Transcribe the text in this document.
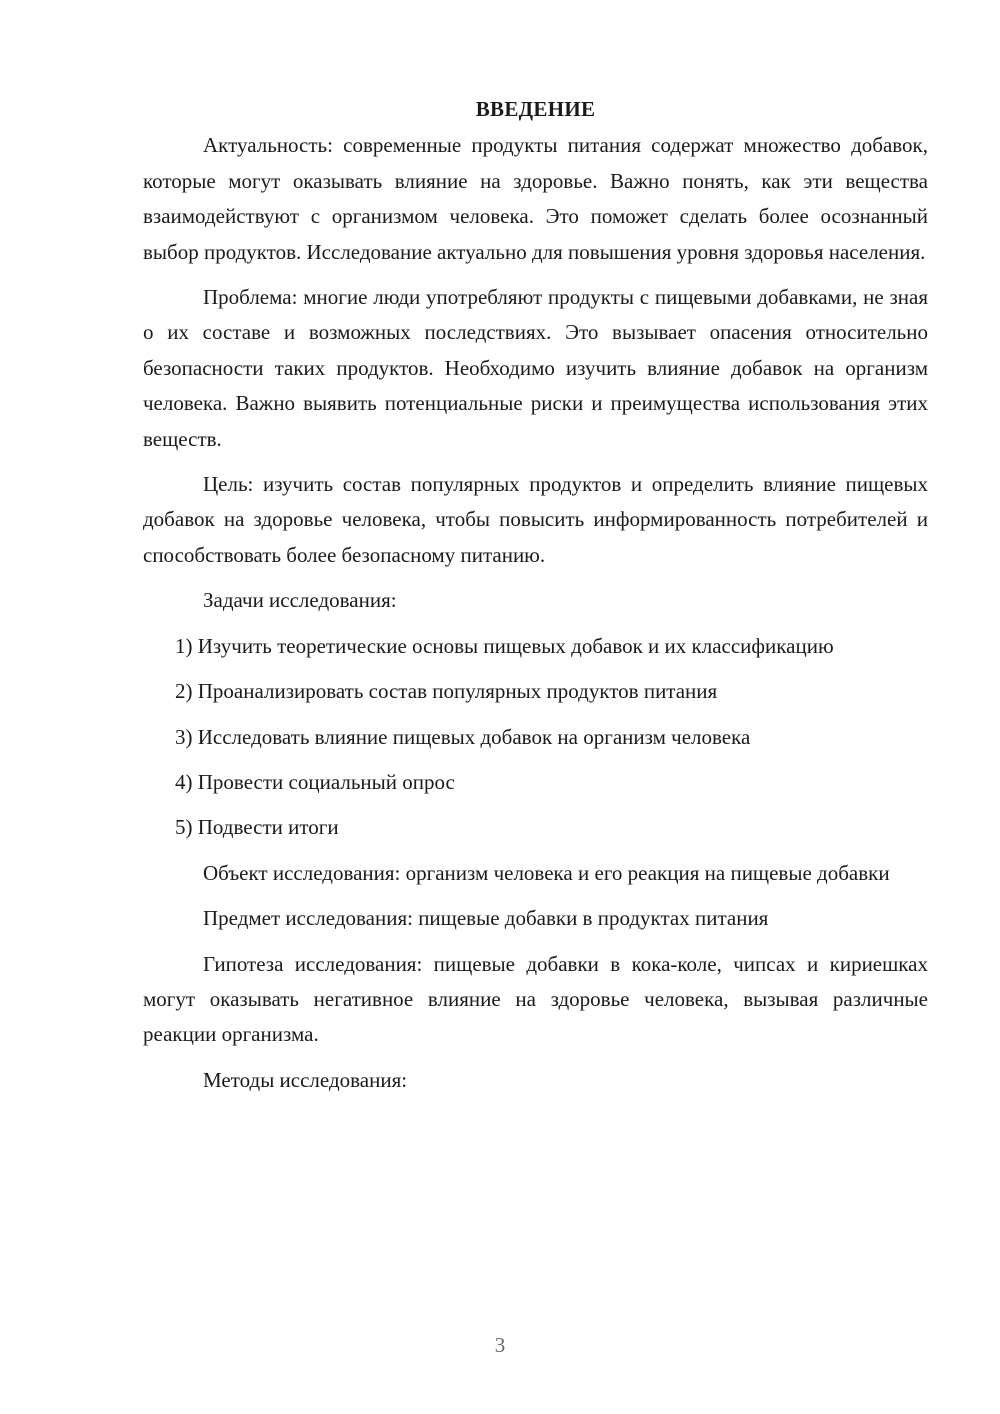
ВВЕДЕНИЕ

Актуальность: современные продукты питания содержат множество добавок, которые могут оказывать влияние на здоровье. Важно понять, как эти вещества взаимодействуют с организмом человека. Это поможет сделать более осознанный выбор продуктов. Исследование актуально для повышения уровня здоровья населения.

Проблема: многие люди употребляют продукты с пищевыми добавками, не зная о их составе и возможных последствиях. Это вызывает опасения относительно безопасности таких продуктов. Необходимо изучить влияние добавок на организм человека. Важно выявить потенциальные риски и преимущества использования этих веществ.

Цель: изучить состав популярных продуктов и определить влияние пищевых добавок на здоровье человека, чтобы повысить информированность потребителей и способствовать более безопасному питанию.

Задачи исследования:

1) Изучить теоретические основы пищевых добавок и их классификацию

2) Проанализировать состав популярных продуктов питания

3) Исследовать влияние пищевых добавок на организм человека

4) Провести социальный опрос

5) Подвести итоги

Объект исследования: организм человека и его реакция на пищевые добавки

Предмет исследования: пищевые добавки в продуктах питания

Гипотеза исследования: пищевые добавки в кока-коле, чипсах и кириешках могут оказывать негативное влияние на здоровье человека, вызывая различные реакции организма.

Методы исследования:

3
